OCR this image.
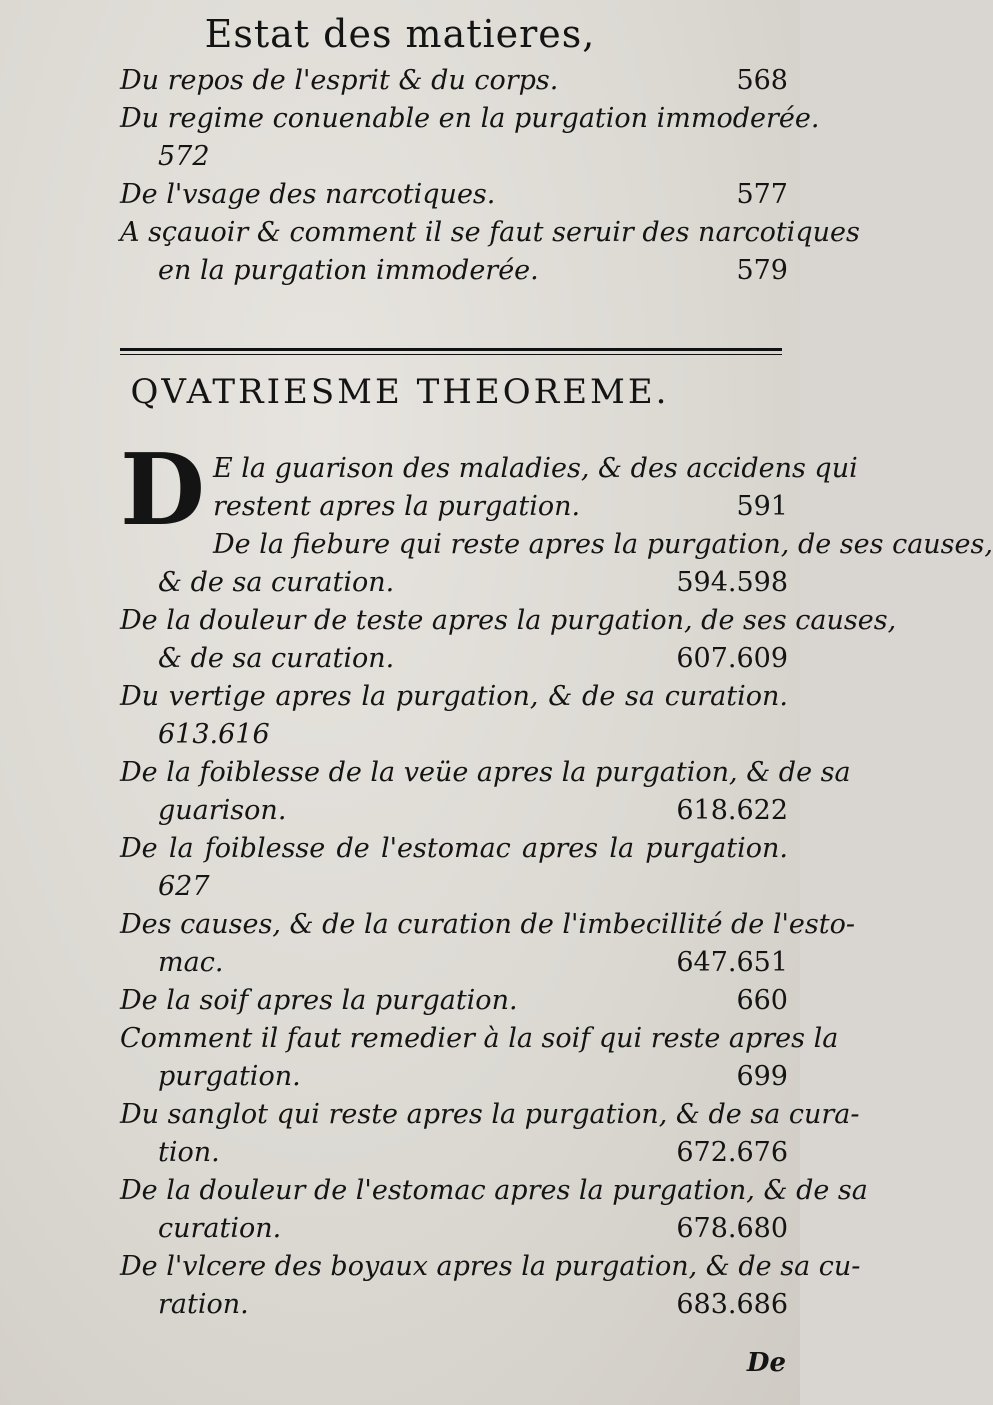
Estat des matieres,
568
Du repos de l'esprit & du corps.
Du regime conuenable en la purgation immoderée.
572
577
De l'vsage des narcotiques.
A sçauoir & comment il se faut seruir des narcotiques
579
en la purgation immoderée.
QVATRIESME THEOREME.
D E la guarison des maladies, & des accidens qui
591
restent apres la purgation.
De la fiebure qui reste apres la purgation, de ses causes,
594.598
& de sa curation.
De la douleur de teste apres la purgation, de ses causes,
607.609
& de sa curation.
Du vertige apres la purgation, & de sa curation.
613.616
De la foiblesse de la veüe apres la purgation, & de sa
618.622
guarison.
De la foiblesse de l'estomac apres la purgation.
627
Des causes, & de la curation de l'imbecillité de l'esto-
647.651
mac.
660
De la soif apres la purgation.
Comment il faut remedier à la soif qui reste apres la
699
purgation.
Du sanglot qui reste apres la purgation, & de sa cura-
672.676
tion.
De la douleur de l'estomac apres la purgation, & de sa
678.680
curation.
De l'vlcere des boyaux apres la purgation, & de sa cu-
683.686
ration.
De
